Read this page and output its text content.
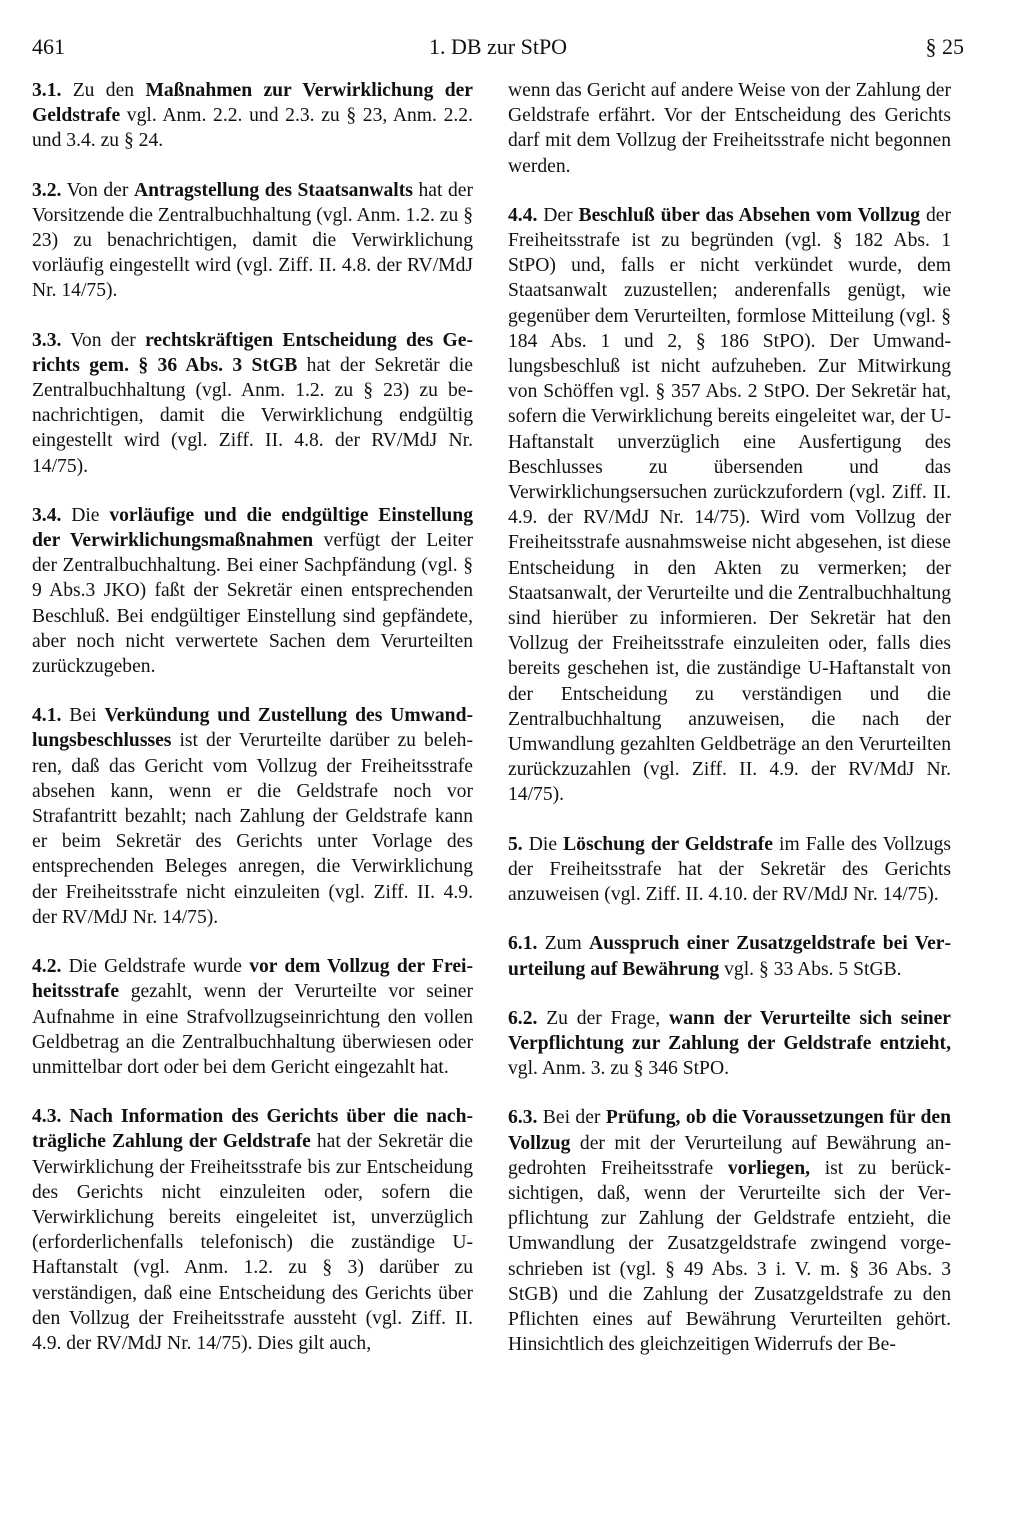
461	1. DB zur StPO	§ 25

3.1. Zu den Maßnahmen zur Verwirklichung der Geldstrafe vgl. Anm. 2.2. und 2.3. zu § 23, Anm. 2.2. und 3.4. zu § 24.

3.2. Von der Antragstellung des Staatsanwalts hat der Vorsitzende die Zentralbuchhaltung (vgl. Anm. 1.2. zu § 23) zu benachrichtigen, damit die Verwirklichung vorläufig eingestellt wird (vgl. Ziff. II. 4.8. der RV/MdJ Nr. 14/75).

3.3. Von der rechtskräftigen Entscheidung des Gerichts gem. § 36 Abs. 3 StGB hat der Sekretär die Zentralbuchhaltung (vgl. Anm. 1.2. zu § 23) zu benachrichtigen, damit die Verwirklichung endgültig eingestellt wird (vgl. Ziff. II. 4.8. der RV/MdJ Nr. 14/75).

3.4. Die vorläufige und die endgültige Einstellung der Verwirklichungsmaßnahmen verfügt der Leiter der Zentralbuchhaltung. Bei einer Sachpfändung (vgl. § 9 Abs.3 JKO) faßt der Sekretär einen entsprechenden Beschluß. Bei endgültiger Einstellung sind gepfändete, aber noch nicht verwertete Sachen dem Verurteilten zurückzugeben.

4.1. Bei Verkündung und Zustellung des Umwandlungsbeschlusses ist der Verurteilte darüber zu belehren, daß das Gericht vom Vollzug der Freiheitsstrafe absehen kann, wenn er die Geldstrafe noch vor Strafantritt bezahlt; nach Zahlung der Geldstrafe kann er beim Sekretär des Gerichts unter Vorlage des entsprechenden Beleges anregen, die Verwirklichung der Freiheitsstrafe nicht einzuleiten (vgl. Ziff. II. 4.9. der RV/MdJ Nr. 14/75).

4.2. Die Geldstrafe wurde vor dem Vollzug der Freiheitsstrafe gezahlt, wenn der Verurteilte vor seiner Aufnahme in eine Strafvollzugseinrichtung den vollen Geldbetrag an die Zentralbuchhaltung überwiesen oder unmittelbar dort oder bei dem Gericht eingezahlt hat.

4.3. Nach Information des Gerichts über die nachträgliche Zahlung der Geldstrafe hat der Sekretär die Verwirklichung der Freiheitsstrafe bis zur Entscheidung des Gerichts nicht einzuleiten oder, sofern die Verwirklichung bereits eingeleitet ist, unverzüglich (erforderlichenfalls telefonisch) die zuständige U-Haftanstalt (vgl. Anm. 1.2. zu § 3) darüber zu verständigen, daß eine Entscheidung des Gerichts über den Vollzug der Freiheitsstrafe aussteht (vgl. Ziff. II. 4.9. der RV/MdJ Nr. 14/75). Dies gilt auch,

wenn das Gericht auf andere Weise von der Zahlung der Geldstrafe erfährt. Vor der Entscheidung des Gerichts darf mit dem Vollzug der Freiheitsstrafe nicht begonnen werden.

4.4. Der Beschluß über das Absehen vom Vollzug der Freiheitsstrafe ist zu begründen (vgl. § 182 Abs. 1 StPO) und, falls er nicht verkündet wurde, dem Staatsanwalt zuzustellen; anderenfalls genügt, wie gegenüber dem Verurteilten, formlose Mitteilung (vgl. § 184 Abs. 1 und 2, § 186 StPO). Der Umwandlungsbeschluß ist nicht aufzuheben. Zur Mitwirkung von Schöffen vgl. § 357 Abs. 2 StPO. Der Sekretär hat, sofern die Verwirklichung bereits eingeleitet war, der U-Haftanstalt unverzüglich eine Ausfertigung des Beschlusses zu übersenden und das Verwirklichungsersuchen zurückzufordern (vgl. Ziff. II. 4.9. der RV/MdJ Nr. 14/75). Wird vom Vollzug der Freiheitsstrafe ausnahmsweise nicht abgesehen, ist diese Entscheidung in den Akten zu vermerken; der Staatsanwalt, der Verurteilte und die Zentralbuchhaltung sind hierüber zu informieren. Der Sekretär hat den Vollzug der Freiheitsstrafe einzuleiten oder, falls dies bereits geschehen ist, die zuständige U-Haftanstalt von der Entscheidung zu verständigen und die Zentralbuchhaltung anzuweisen, die nach der Umwandlung gezahlten Geldbeträge an den Verurteilten zurückzuzahlen (vgl. Ziff. II. 4.9. der RV/MdJ Nr. 14/75).

5. Die Löschung der Geldstrafe im Falle des Vollzugs der Freiheitsstrafe hat der Sekretär des Gerichts anzuweisen (vgl. Ziff. II. 4.10. der RV/MdJ Nr. 14/75).

6.1. Zum Ausspruch einer Zusatzgeldstrafe bei Verurteilung auf Bewährung vgl. § 33 Abs. 5 StGB.

6.2. Zu der Frage, wann der Verurteilte sich seiner Verpflichtung zur Zahlung der Geldstrafe entzieht, vgl. Anm. 3. zu § 346 StPO.

6.3. Bei der Prüfung, ob die Voraussetzungen für den Vollzug der mit der Verurteilung auf Bewährung angedrohten Freiheitsstrafe vorliegen, ist zu berücksichtigen, daß, wenn der Verurteilte sich der Verpflichtung zur Zahlung der Geldstrafe entzieht, die Umwandlung der Zusatzgeldstrafe zwingend vorgeschrieben ist (vgl. § 49 Abs. 3 i. V. m. § 36 Abs. 3 StGB) und die Zahlung der Zusatzgeldstrafe zu den Pflichten eines auf Bewährung Verurteilten gehört. Hinsichtlich des gleichzeitigen Widerrufs der Be-
